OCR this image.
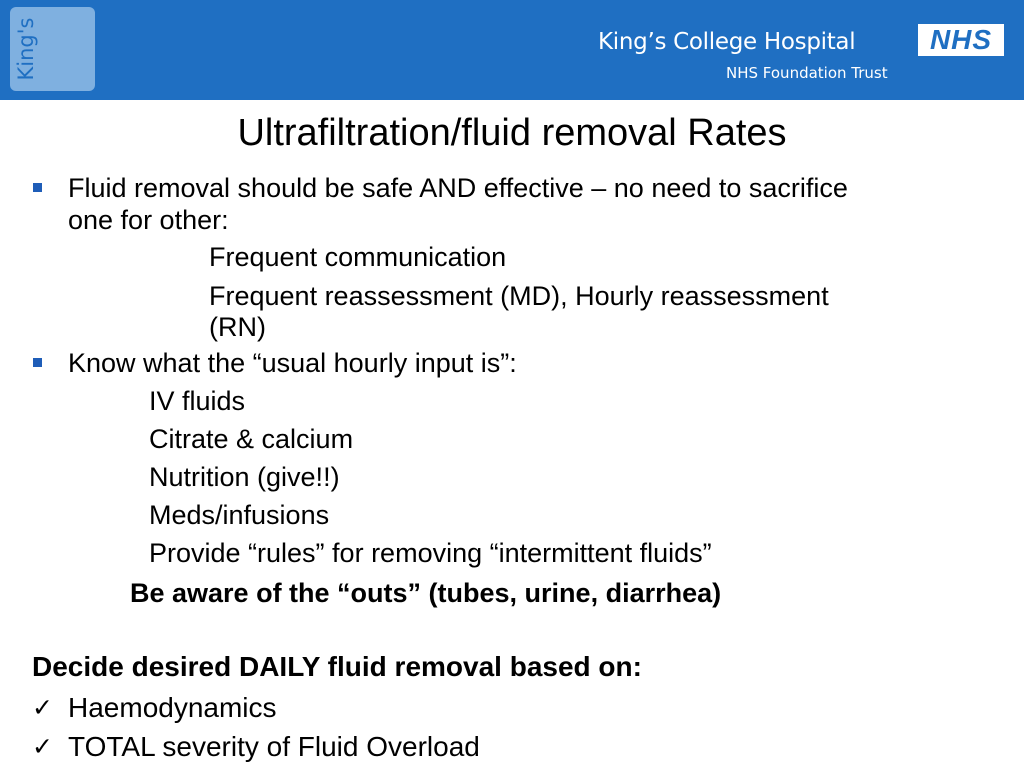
King's	King’s College Hospital
NHS Foundation Trust
NHS
Ultrafiltration/fluid removal Rates
Fluid removal should be safe AND effective – no need to sacrifice
one for other:
Frequent communication
Frequent reassessment (MD), Hourly reassessment
(RN)
Know what the “usual hourly input is”:
IV fluids
Citrate & calcium
Nutrition (give!!)
Meds/infusions
Provide “rules” for removing “intermittent fluids”
Be aware of the “outs” (tubes, urine, diarrhea)
Decide desired DAILY fluid removal based on:
✓ Haemodynamics
✓ TOTAL severity of Fluid Overload
